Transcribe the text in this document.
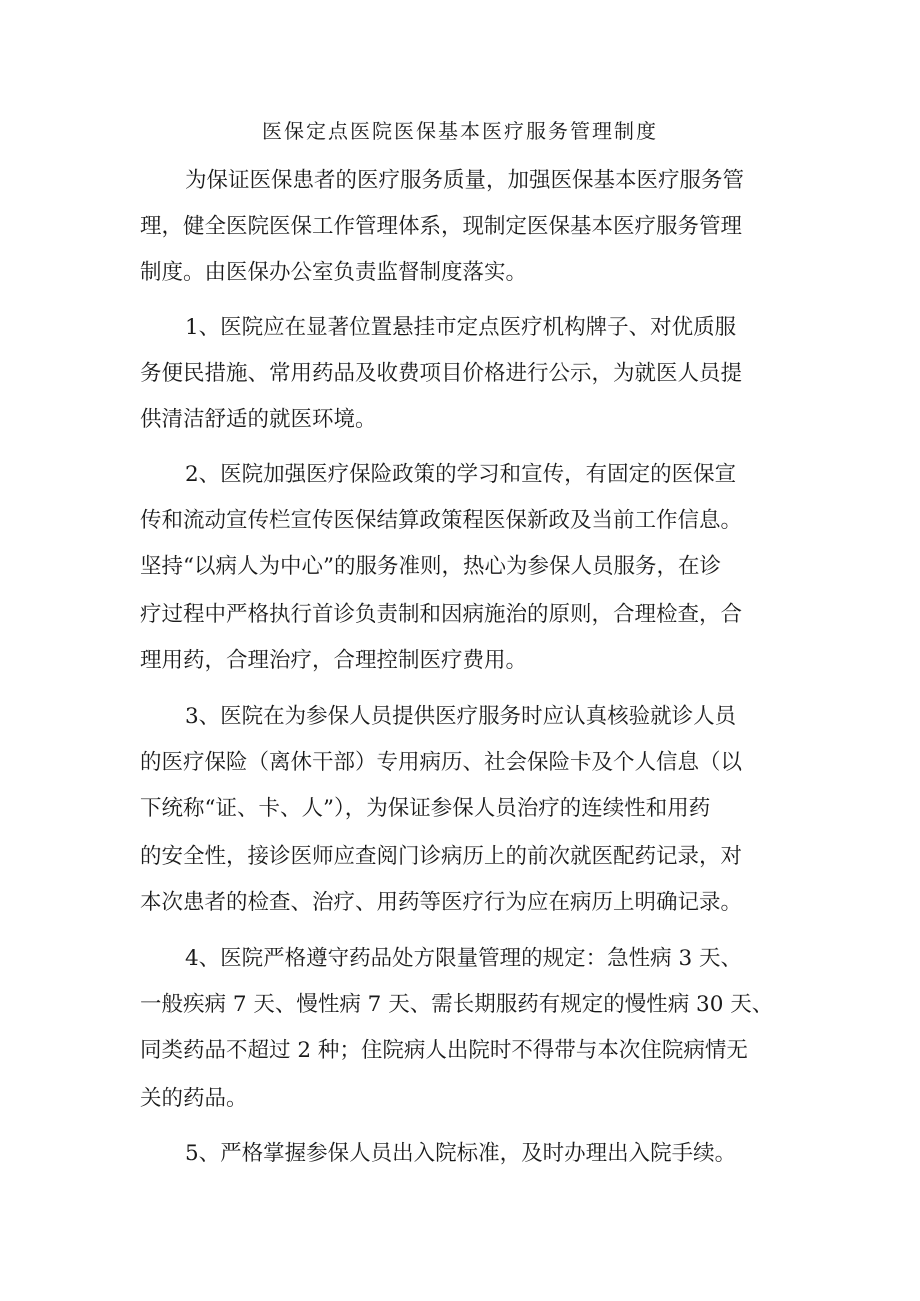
医保定点医院医保基本医疗服务管理制度
为保证医保患者的医疗服务质量，加强医保基本医疗服务管
理，健全医院医保工作管理体系，现制定医保基本医疗服务管理
制度。由医保办公室负责监督制度落实。
1、医院应在显著位置悬挂市定点医疗机构牌子、对优质服
务便民措施、常用药品及收费项目价格进行公示，为就医人员提
供清洁舒适的就医环境。
2、医院加强医疗保险政策的学习和宣传，有固定的医保宣
传和流动宣传栏宣传医保结算政策程医保新政及当前工作信息。
坚持“以病人为中心”的服务准则，热心为参保人员服务，在诊
疗过程中严格执行首诊负责制和因病施治的原则，合理检查，合
理用药，合理治疗，合理控制医疗费用。
3、医院在为参保人员提供医疗服务时应认真核验就诊人员
的医疗保险（离休干部）专用病历、社会保险卡及个人信息（以
下统称“证、卡、人”），为保证参保人员治疗的连续性和用药
的安全性，接诊医师应查阅门诊病历上的前次就医配药记录，对
本次患者的检查、治疗、用药等医疗行为应在病历上明确记录。
4、医院严格遵守药品处方限量管理的规定：急性病 3 天、
一般疾病 7 天、慢性病 7 天、需长期服药有规定的慢性病 30 天、
同类药品不超过 2 种；住院病人出院时不得带与本次住院病情无
关的药品。
5、严格掌握参保人员出入院标准，及时办理出入院手续。
